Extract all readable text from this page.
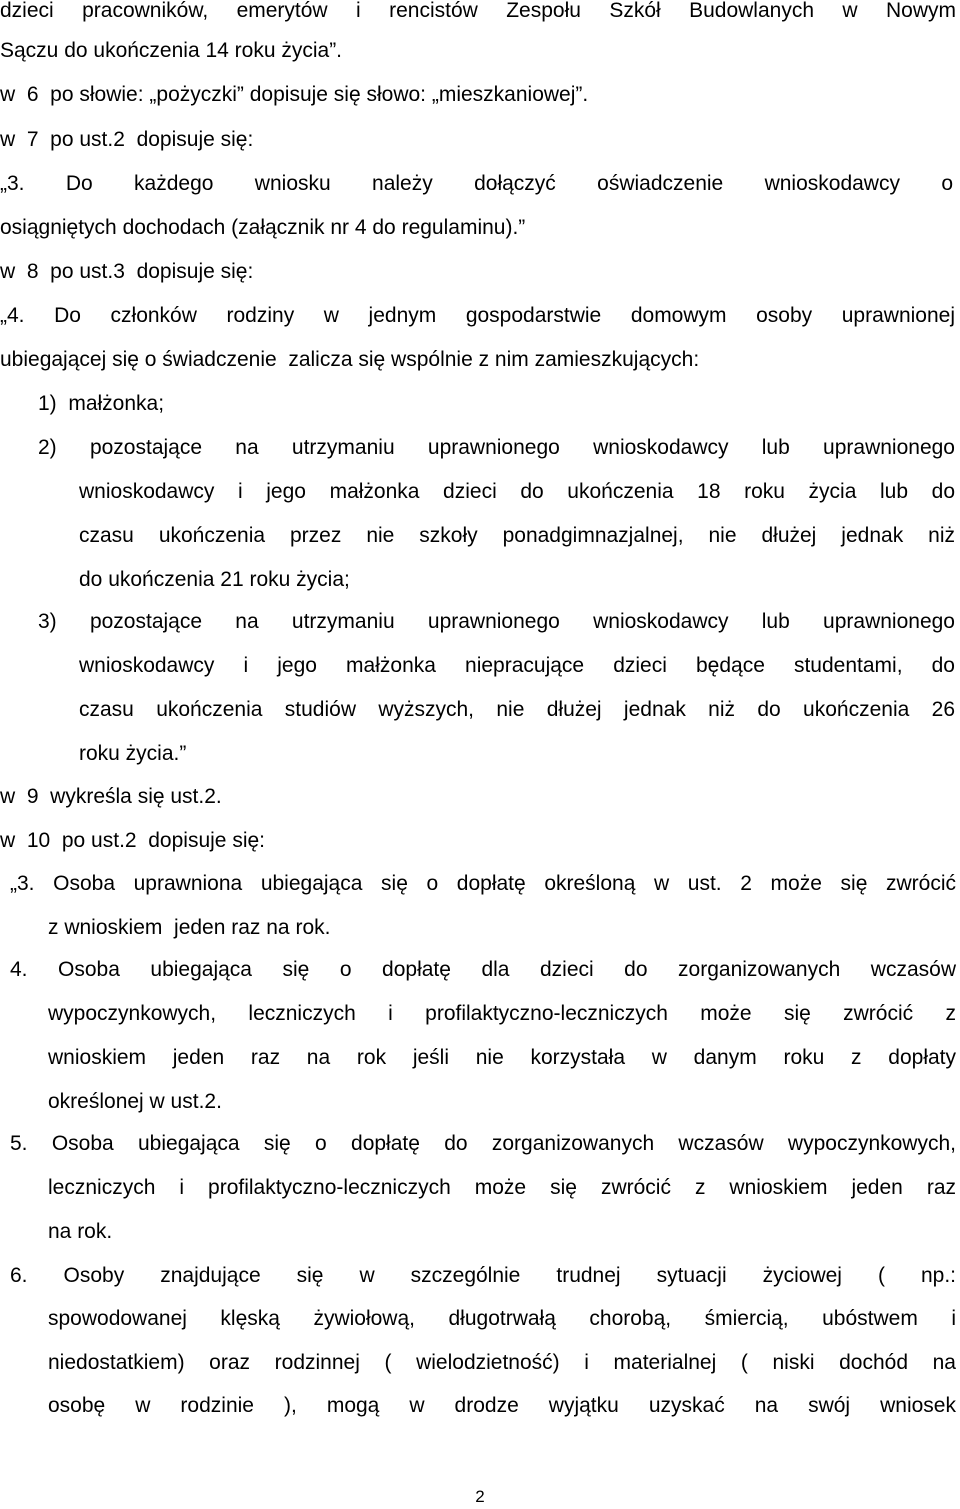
dzieci pracowników, emerytów i rencistów Zespołu Szkół Budowlanych w Nowym
Sączu do ukończenia 14 roku życia”.
w  6  po słowie: „pożyczki” dopisuje się słowo: „mieszkaniowej”.
w  7  po ust.2  dopisuje się:
„3. Do każdego wniosku należy dołączyć oświadczenie wnioskodawcy o
osiągniętych dochodach (załącznik nr 4 do regulaminu).”
w  8  po ust.3  dopisuje się:
„4. Do członków rodziny w jednym gospodarstwie domowym osoby uprawnionej
ubiegającej się o świadczenie  zalicza się wspólnie z nim zamieszkujących:
1)  małżonka;
2) pozostające na utrzymaniu uprawnionego wnioskodawcy lub uprawnionego
wnioskodawcy i jego małżonka dzieci do ukończenia 18 roku życia lub do
czasu ukończenia przez nie szkoły ponadgimnazjalnej, nie dłużej jednak niż
do ukończenia 21 roku życia;
3) pozostające na utrzymaniu uprawnionego wnioskodawcy lub uprawnionego
wnioskodawcy i jego małżonka niepracujące dzieci będące studentami, do
czasu ukończenia studiów wyższych, nie dłużej jednak niż do ukończenia 26
roku życia.”
w  9  wykreśla się ust.2.
w  10  po ust.2  dopisuje się:
„3. Osoba uprawniona ubiegająca się o dopłatę określoną w ust. 2 może się zwrócić
z wnioskiem  jeden raz na rok.
4. Osoba ubiegająca się o dopłatę dla dzieci do zorganizowanych wczasów
wypoczynkowych, leczniczych i profilaktyczno-leczniczych może się zwrócić z
wnioskiem jeden raz na rok jeśli nie korzystała w danym roku z dopłaty
określonej w ust.2.
5. Osoba ubiegająca się o dopłatę do zorganizowanych wczasów wypoczynkowych,
leczniczych i profilaktyczno-leczniczych może się zwrócić z wnioskiem jeden raz
na rok.
6. Osoby znajdujące się w szczególnie trudnej sytuacji życiowej ( np.:
spowodowanej klęską żywiołową, długotrwałą chorobą, śmiercią, ubóstwem i
niedostatkiem) oraz rodzinnej ( wielodzietność) i materialnej ( niski dochód na
osobę w rodzinie ), mogą w drodze wyjątku uzyskać na swój wniosek
2
